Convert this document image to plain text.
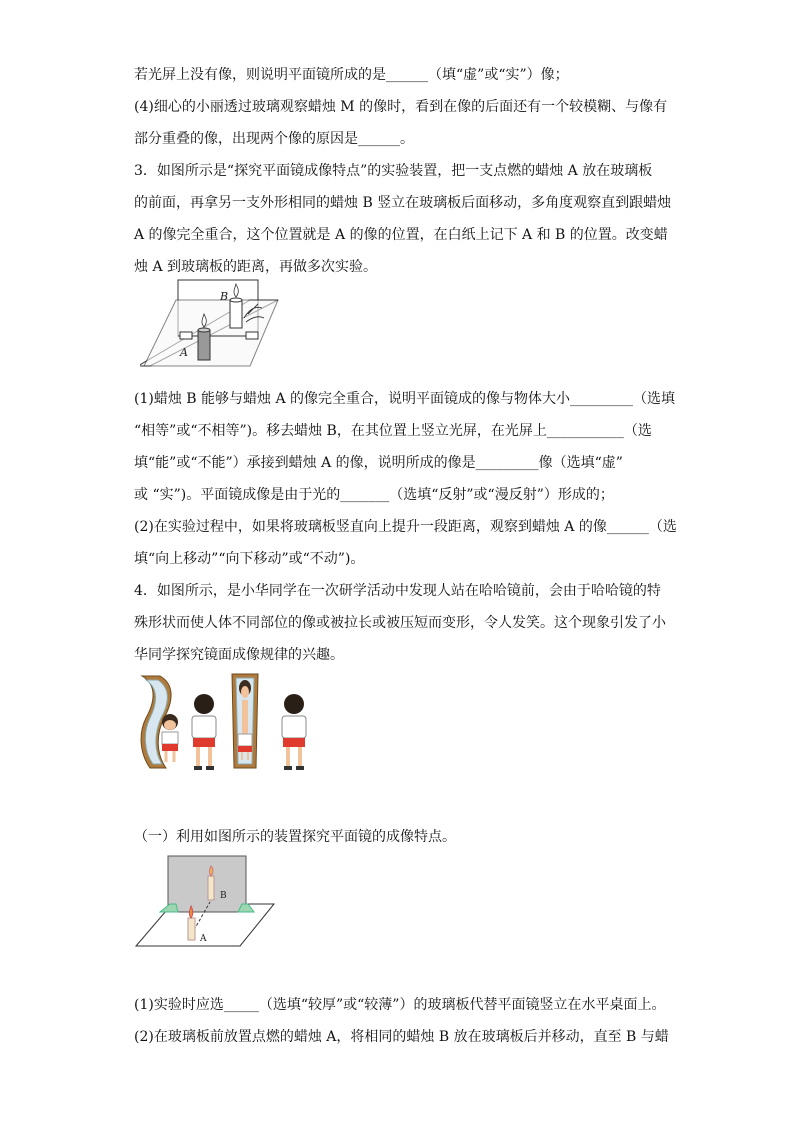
若光屏上没有像，则说明平面镜所成的是______（填“虚”或“实”）像；
(4)细心的小丽透过玻璃观察蜡烛 M 的像时，看到在像的后面还有一个较模糊、与像有
部分重叠的像，出现两个像的原因是______。
3．如图所示是“探究平面镜成像特点”的实验装置，把一支点燃的蜡烛 A 放在玻璃板
的前面，再拿另一支外形相同的蜡烛 B 竖立在玻璃板后面移动，多角度观察直到跟蜡烛
A 的像完全重合，这个位置就是 A 的像的位置，在白纸上记下 A 和 B 的位置。改变蜡
烛 A 到玻璃板的距离，再做多次实验。
B
A
(1)蜡烛 B 能够与蜡烛 A 的像完全重合，说明平面镜成的像与物体大小_________（选填
“相等”或“不相等”)。移去蜡烛 B，在其位置上竖立光屏，在光屏上___________（选
填“能”或“不能”）承接到蜡烛 A 的像，说明所成的像是_________像（选填“虚”
或 “实”)。平面镜成像是由于光的_______（选填“反射”或“漫反射”）形成的；
(2)在实验过程中，如果将玻璃板竖直向上提升一段距离，观察到蜡烛 A 的像______（选
填“向上移动”“向下移动”或“不动”)。
4．如图所示，是小华同学在一次研学活动中发现人站在哈哈镜前，会由于哈哈镜的特
殊形状而使人体不同部位的像或被拉长或被压短而变形，令人发笑。这个现象引发了小
华同学探究镜面成像规律的兴趣。
（一）利用如图所示的装置探究平面镜的成像特点。
B
A
(1)实验时应选_____（选填“较厚”或“较薄”）的玻璃板代替平面镜竖立在水平桌面上。
(2)在玻璃板前放置点燃的蜡烛 A，将相同的蜡烛 B 放在玻璃板后并移动，直至 B 与蜡
